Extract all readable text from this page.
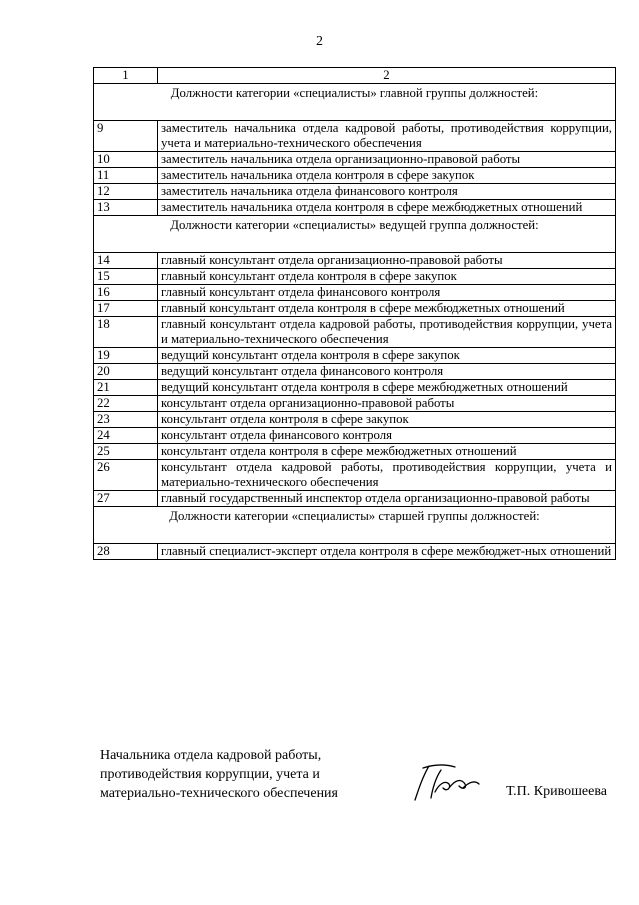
2
1	2
Должности категории «специалисты» главной группы должностей:	
9	заместитель начальника отдела кадровой работы, противодействия коррупции, учета и материально-технического обеспечения
10	заместитель начальника отдела организационно-правовой работы
11	заместитель начальника отдела контроля в сфере закупок
12	заместитель начальника отдела финансового контроля
13	заместитель начальника отдела контроля в сфере межбюджетных отношений
Должности категории «специалисты» ведущей группа должностей:	
14	главный консультант отдела организационно-правовой работы
15	главный консультант отдела контроля в сфере закупок
16	главный консультант отдела финансового контроля
17	главный консультант отдела контроля в сфере межбюджетных отношений
18	главный консультант отдела кадровой работы, противодействия коррупции, учета и материально-технического обеспечения
19	ведущий консультант отдела контроля в сфере закупок
20	ведущий консультант отдела финансового контроля
21	ведущий консультант отдела контроля в сфере межбюджетных отношений
22	консультант отдела организационно-правовой работы
23	консультант отдела контроля в сфере закупок
24	консультант отдела финансового контроля
25	консультант отдела контроля в сфере межбюджетных отношений
26	консультант отдела кадровой работы, противодействия коррупции, учета и материально-технического обеспечения
27	главный государственный инспектор отдела организационно-правовой работы
Должности категории «специалисты» старшей группы должностей:	
28	главный специалист-эксперт отдела контроля в сфере межбюджет-ных отношений
Начальника отдела кадровой работы,
противодействия коррупции, учета и
материально-технического обеспечения	Т.П. Кривошеева
